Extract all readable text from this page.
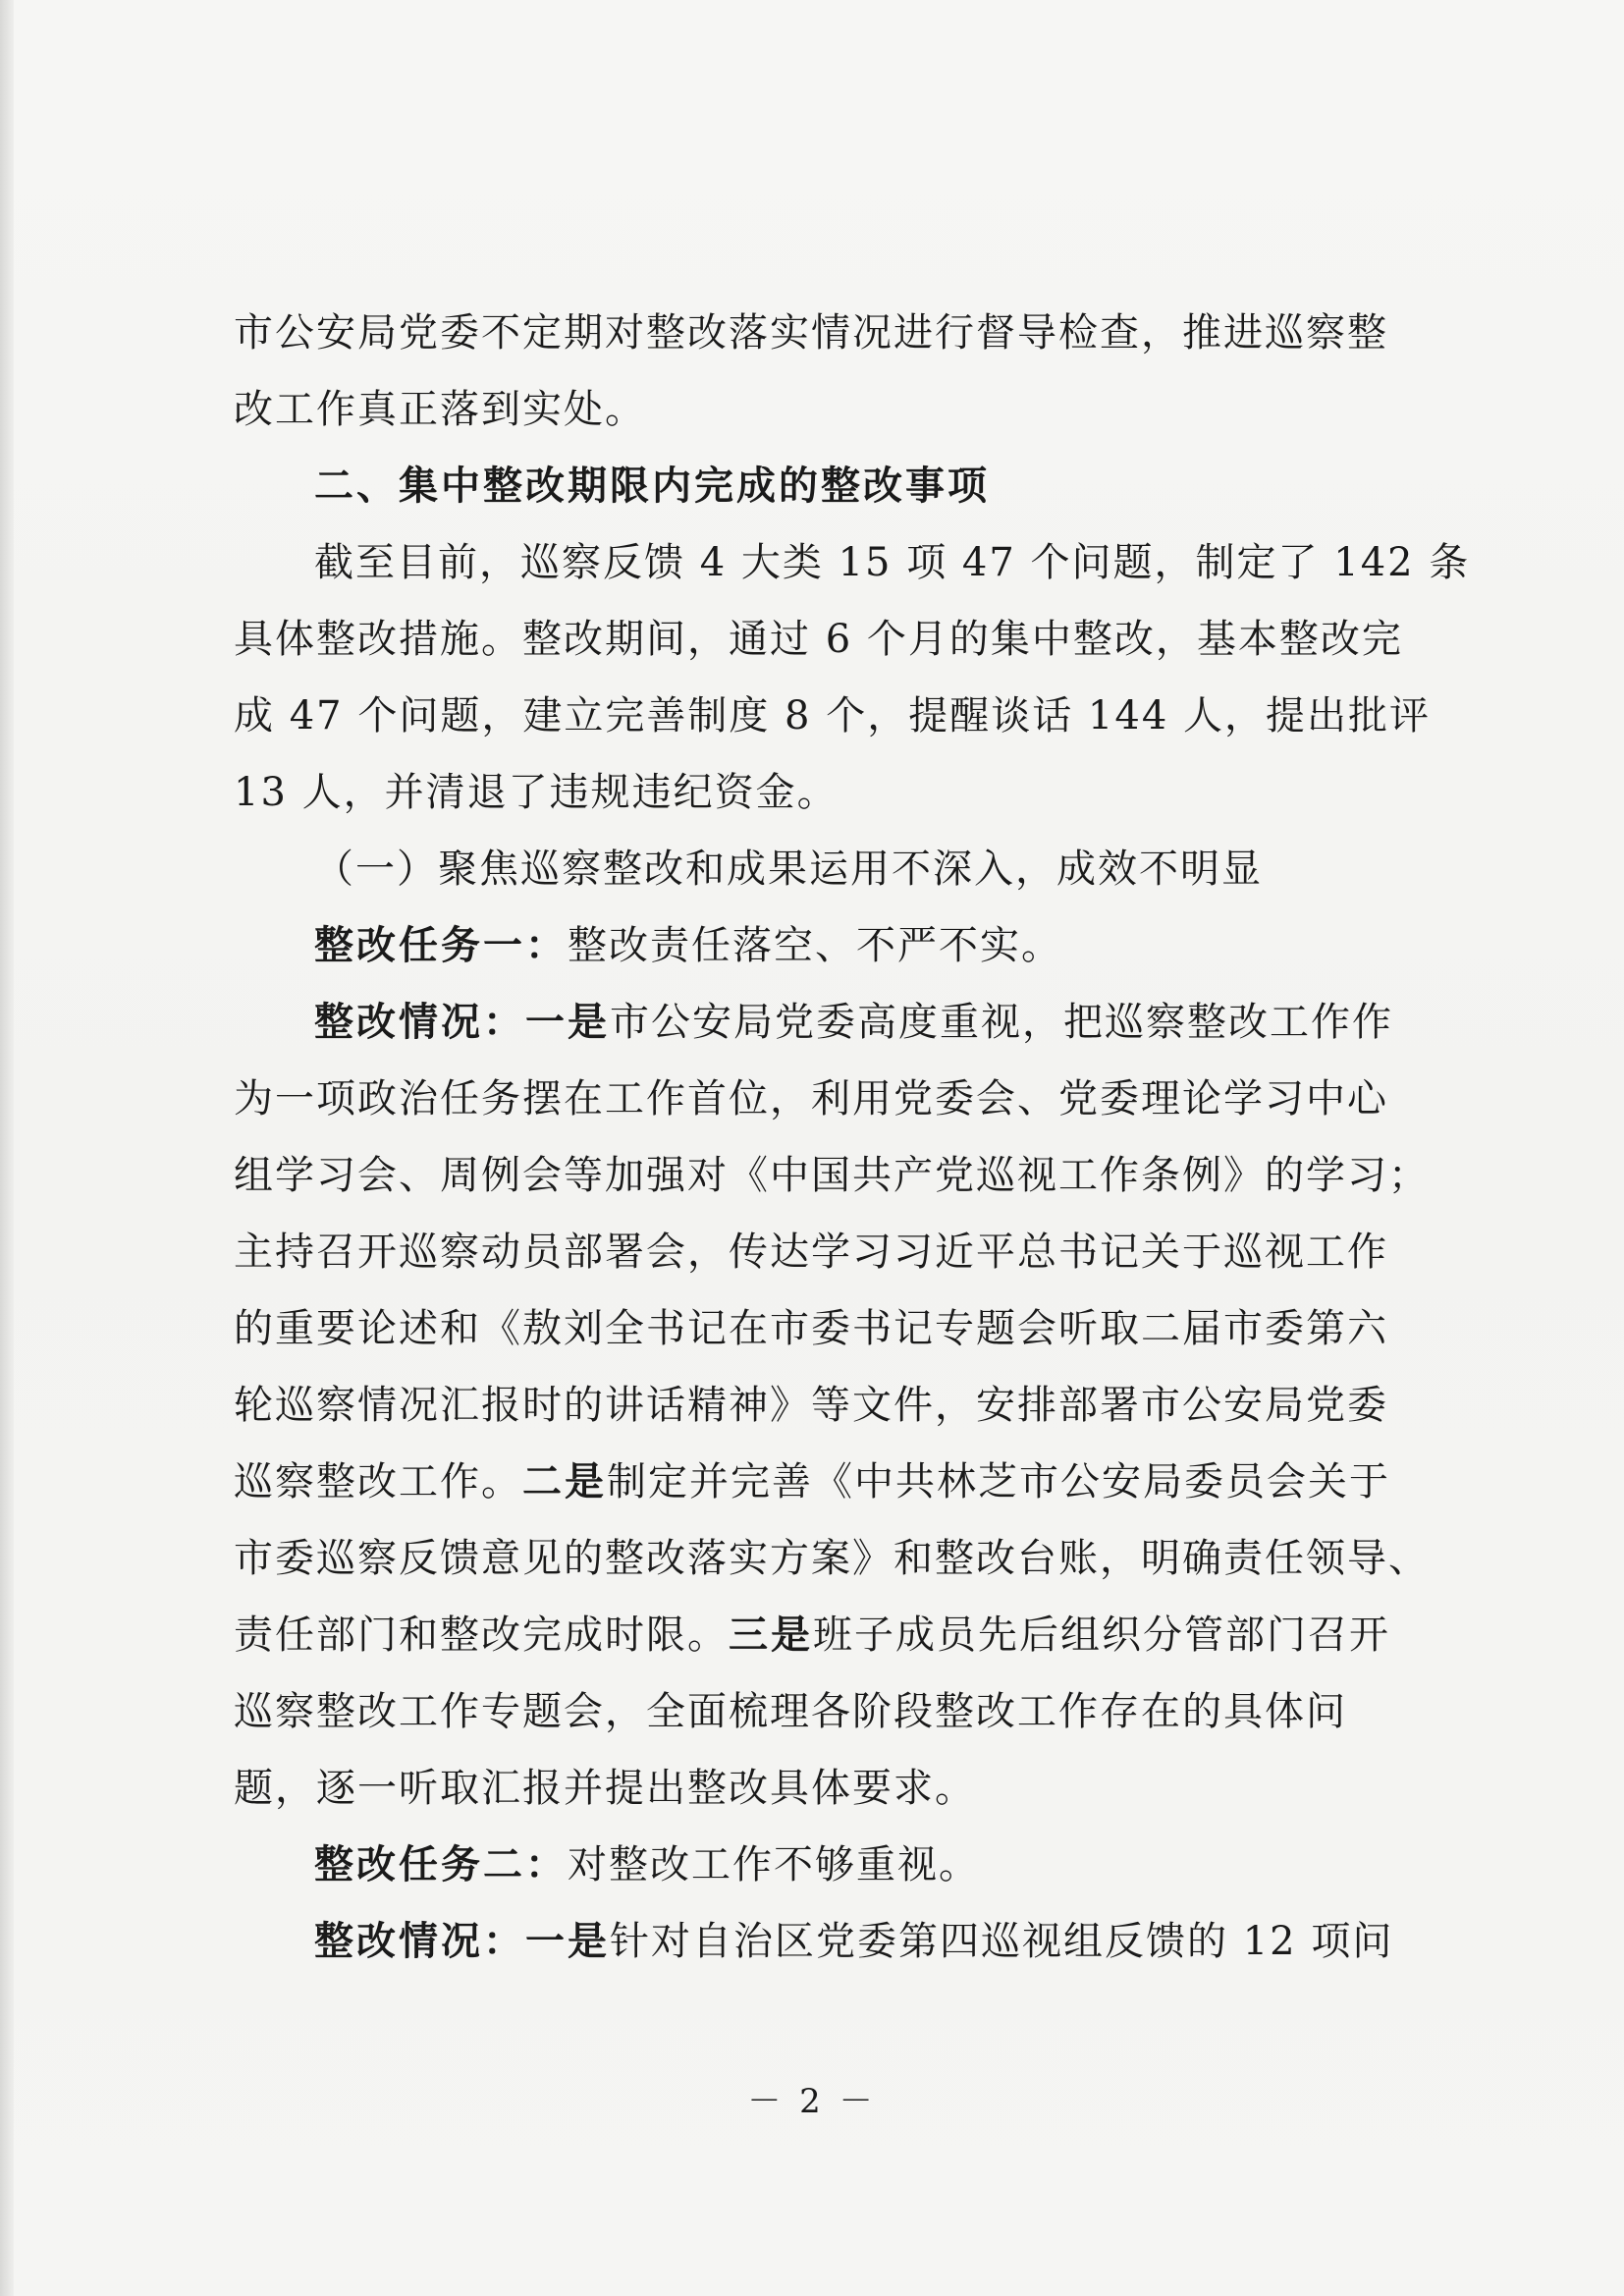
市公安局党委不定期对整改落实情况进行督导检查，推进巡察整
改工作真正落到实处。
二、集中整改期限内完成的整改事项
截至目前，巡察反馈 4 大类 15 项 47 个问题，制定了 142 条
具体整改措施。整改期间，通过 6 个月的集中整改，基本整改完
成 47 个问题，建立完善制度 8 个，提醒谈话 144 人，提出批评
13 人，并清退了违规违纪资金。
（一）聚焦巡察整改和成果运用不深入，成效不明显
整改任务一：整改责任落空、不严不实。
整改情况：一是市公安局党委高度重视，把巡察整改工作作
为一项政治任务摆在工作首位，利用党委会、党委理论学习中心
组学习会、周例会等加强对《中国共产党巡视工作条例》的学习；
主持召开巡察动员部署会，传达学习习近平总书记关于巡视工作
的重要论述和《敖刘全书记在市委书记专题会听取二届市委第六
轮巡察情况汇报时的讲话精神》等文件，安排部署市公安局党委
巡察整改工作。二是制定并完善《中共林芝市公安局委员会关于
市委巡察反馈意见的整改落实方案》和整改台账，明确责任领导、
责任部门和整改完成时限。三是班子成员先后组织分管部门召开
巡察整改工作专题会，全面梳理各阶段整改工作存在的具体问
题，逐一听取汇报并提出整改具体要求。
整改任务二：对整改工作不够重视。
整改情况：一是针对自治区党委第四巡视组反馈的 12 项问
－ 2 －
